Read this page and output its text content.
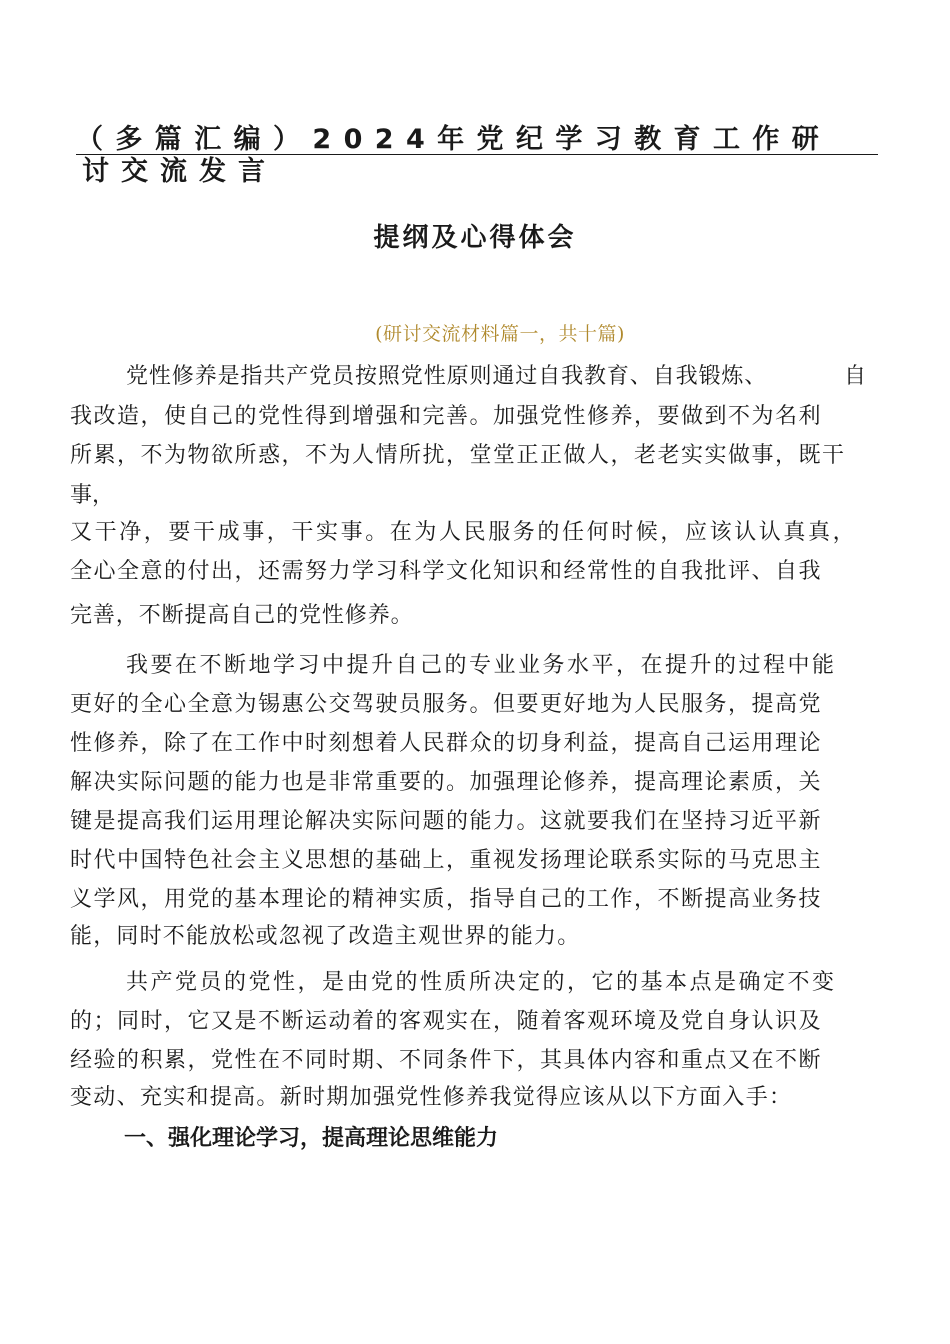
（多篇汇编）2024年党纪学习教育工作研
讨交流发言
提纲及心得体会
(研讨交流材料篇一，共十篇)
党性修养是指共产党员按照党性原则通过自我教育、自我锻炼、	自
我改造，使自己的党性得到增强和完善。加强党性修养，要做到不为名利
所累，不为物欲所惑，不为人情所扰，堂堂正正做人，老老实实做事，既干
事，
又干净，要干成事，干实事。在为人民服务的任何时候，应该认认真真，
全心全意的付出，还需努力学习科学文化知识和经常性的自我批评、自我
完善，不断提高自己的党性修养。
我要在不断地学习中提升自己的专业业务水平，在提升的过程中能
更好的全心全意为锡惠公交驾驶员服务。但要更好地为人民服务，提高党
性修养，除了在工作中时刻想着人民群众的切身利益，提高自己运用理论
解决实际问题的能力也是非常重要的。加强理论修养，提高理论素质，关
键是提高我们运用理论解决实际问题的能力。这就要我们在坚持习近平新
时代中国特色社会主义思想的基础上，重视发扬理论联系实际的马克思主
义学风，用党的基本理论的精神实质，指导自己的工作，不断提高业务技
能，同时不能放松或忽视了改造主观世界的能力。
共产党员的党性，是由党的性质所决定的，它的基本点是确定不变
的；同时，它又是不断运动着的客观实在，随着客观环境及党自身认识及
经验的积累，党性在不同时期、不同条件下，其具体内容和重点又在不断
变动、充实和提高。新时期加强党性修养我觉得应该从以下方面入手：
一、强化理论学习，提高理论思维能力
